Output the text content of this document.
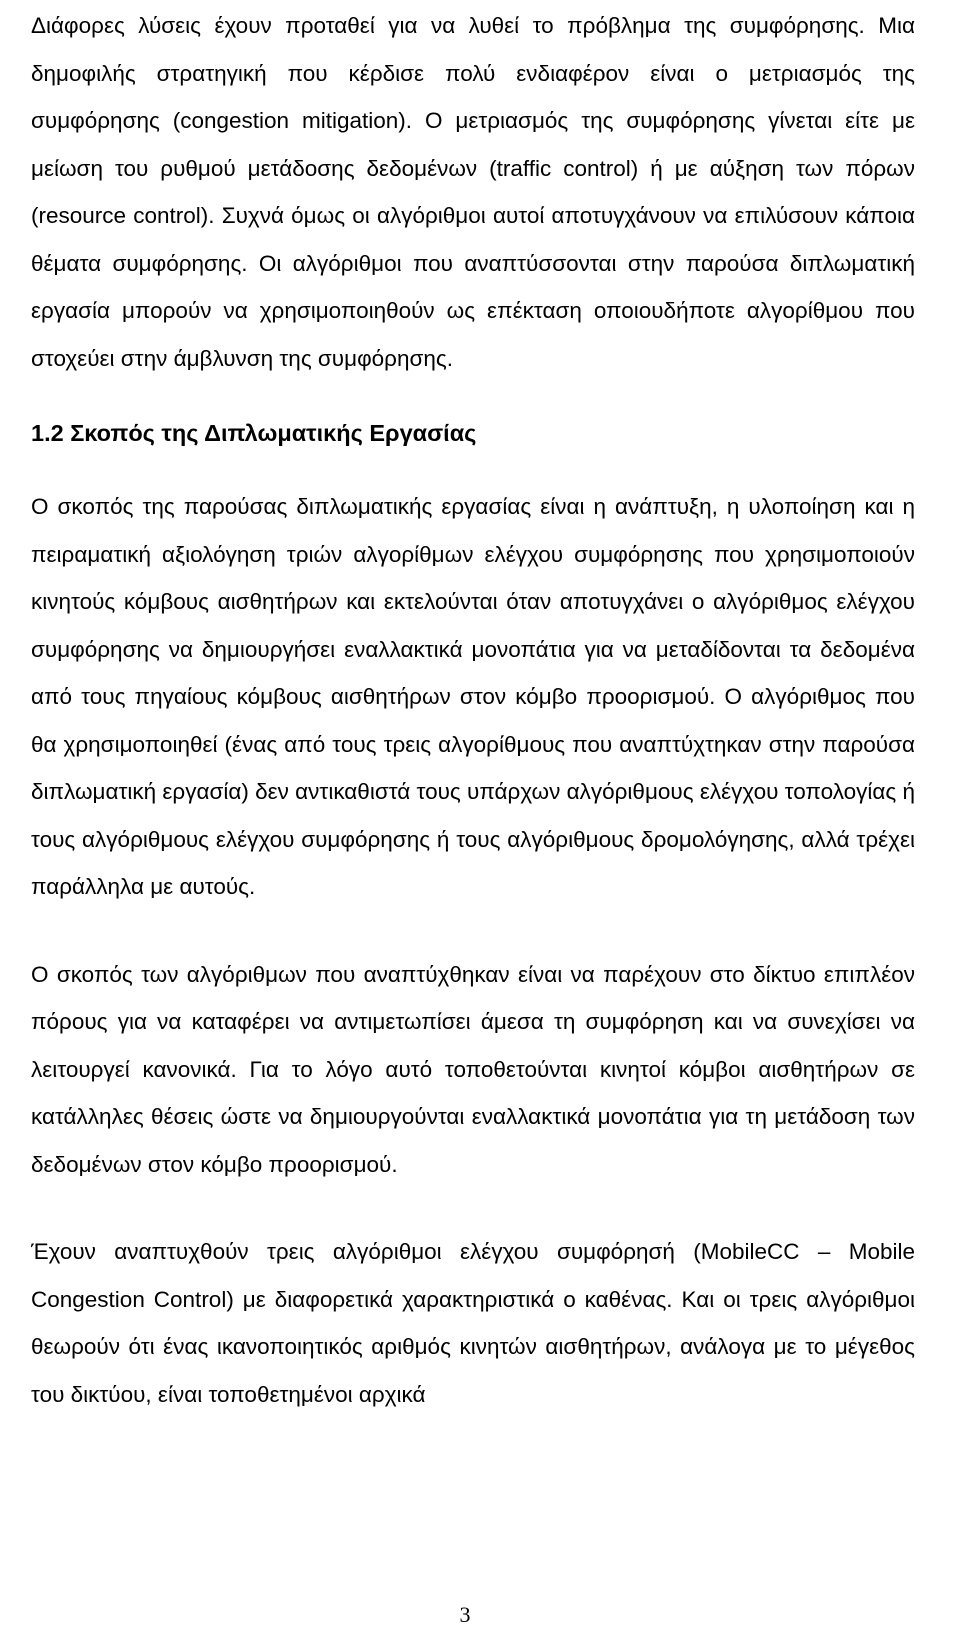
Διάφορες λύσεις έχουν προταθεί για να λυθεί το πρόβλημα της συμφόρησης. Μια δημοφιλής στρατηγική που κέρδισε πολύ ενδιαφέρον είναι ο μετριασμός της συμφόρησης (congestion mitigation). Ο μετριασμός της συμφόρησης γίνεται είτε με μείωση του ρυθμού μετάδοσης δεδομένων (traffic control) ή με αύξηση των πόρων (resource control). Συχνά όμως οι αλγόριθμοι αυτοί αποτυγχάνουν να επιλύσουν κάποια θέματα συμφόρησης. Οι αλγόριθμοι που αναπτύσσονται στην παρούσα διπλωματική εργασία μπορούν να χρησιμοποιηθούν ως επέκταση οποιουδήποτε αλγορίθμου που στοχεύει στην άμβλυνση της συμφόρησης.

1.2 Σκοπός της Διπλωματικής Εργασίας

Ο σκοπός της παρούσας διπλωματικής εργασίας είναι η ανάπτυξη, η υλοποίηση και η πειραματική αξιολόγηση τριών αλγορίθμων ελέγχου συμφόρησης που χρησιμοποιούν κινητούς κόμβους αισθητήρων και εκτελούνται όταν αποτυγχάνει ο αλγόριθμος ελέγχου συμφόρησης να δημιουργήσει εναλλακτικά μονοπάτια για να μεταδίδονται τα δεδομένα από τους πηγαίους κόμβους αισθητήρων στον κόμβο προορισμού. Ο αλγόριθμος που θα χρησιμοποιηθεί (ένας από τους τρεις αλγορίθμους που αναπτύχτηκαν στην παρούσα διπλωματική εργασία) δεν αντικαθιστά τους υπάρχων αλγόριθμους ελέγχου τοπολογίας ή τους αλγόριθμους ελέγχου συμφόρησης ή τους αλγόριθμους δρομολόγησης, αλλά τρέχει παράλληλα με αυτούς.

Ο σκοπός των αλγόριθμων που αναπτύχθηκαν είναι να παρέχουν στο δίκτυο επιπλέον πόρους για να καταφέρει να αντιμετωπίσει άμεσα τη συμφόρηση και να συνεχίσει να λειτουργεί κανονικά. Για το λόγο αυτό τοποθετούνται κινητοί κόμβοι αισθητήρων σε κατάλληλες θέσεις ώστε να δημιουργούνται εναλλακτικά μονοπάτια για τη μετάδοση των δεδομένων στον κόμβο προορισμού.

Έχουν αναπτυχθούν τρεις αλγόριθμοι ελέγχου συμφόρησή (MobileCC – Mobile Congestion Control) με διαφορετικά χαρακτηριστικά ο καθένας. Και οι τρεις αλγόριθμοι θεωρούν ότι ένας ικανοποιητικός αριθμός κινητών αισθητήρων, ανάλογα με το μέγεθος του δικτύου, είναι τοποθετημένοι αρχικά

3
